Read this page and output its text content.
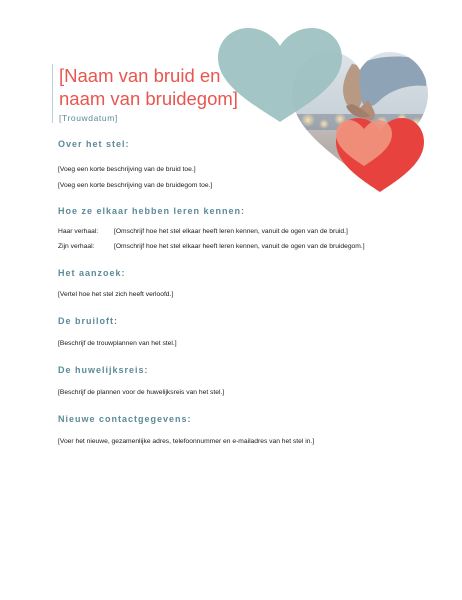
[Naam van bruid en naam van bruidegom]
[Trouwdatum]
Over het stel:

[Voeg een korte beschrijving van de bruid toe.]

[Voeg een korte beschrijving van de bruidegom toe.]

Hoe ze elkaar hebben leren kennen:
Haar verhaal:	[Omschrijf hoe het stel elkaar heeft leren kennen, vanuit de ogen van de bruid.]
Zijn verhaal:	[Omschrijf hoe het stel elkaar heeft leren kennen, vanuit de ogen van de bruidegom.]
Het aanzoek:

[Vertel hoe het stel zich heeft verloofd.]

De bruiloft:

[Beschrijf de trouwplannen van het stel.]

De huwelijksreis:

[Beschrijf de plannen voor de huwelijksreis van het stel.]

Nieuwe contactgegevens:

[Voer het nieuwe, gezamenlijke adres, telefoonnummer en e-mailadres van het stel in.]
